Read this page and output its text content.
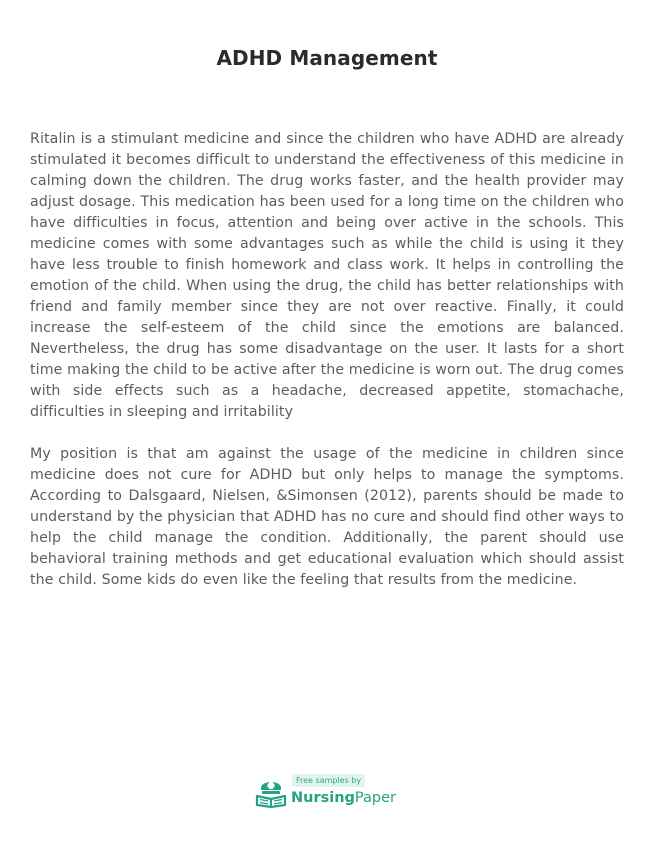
ADHD Management

Ritalin is a stimulant medicine and since the children who have ADHD are already stimulated it becomes difficult to understand the effectiveness of this medicine in calming down the children. The drug works faster, and the health provider may adjust dosage. This medication has been used for a long time on the children who have difficulties in focus, attention and being over active in the schools. This medicine comes with some advantages such as while the child is using it they have less trouble to finish homework and class work. It helps in controlling the emotion of the child. When using the drug, the child has better relationships with friend and family member since they are not over reactive. Finally, it could increase the self-esteem of the child since the emotions are balanced. Nevertheless, the drug has some disadvantage on the user. It lasts for a short time making the child to be active after the medicine is worn out. The drug comes with side effects such as a headache, decreased appetite, stomachache, difficulties in sleeping and irritability

My position is that am against the usage of the medicine in children since medicine does not cure for ADHD but only helps to manage the symptoms. According to Dalsgaard, Nielsen, &Simonsen (2012), parents should be made to understand by the physician that ADHD has no cure and should find other ways to help the child manage the condition. Additionally, the parent should use behavioral training methods and get educational evaluation which should assist the child. Some kids do even like the feeling that results from the medicine.

Free samples by
NursingPaper
